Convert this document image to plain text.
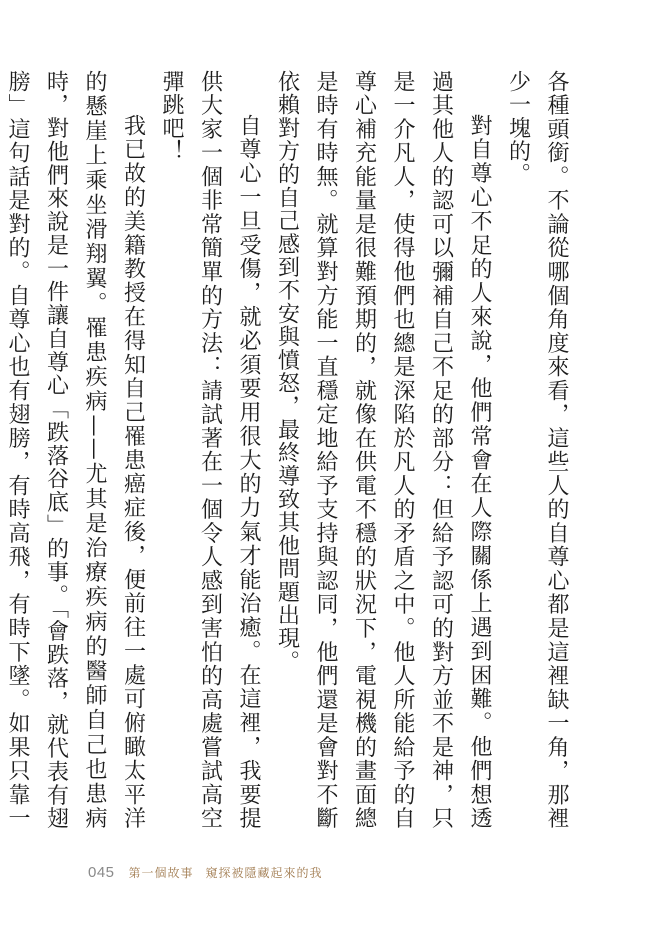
各種頭銜。不論從哪個角度來看，這些人的自尊心都是這裡缺一角，那裡少一塊的。

對自尊心不足的人來說，他們常會在人際關係上遇到困難。他們想透過其他人的認可以彌補自己不足的部分：但給予認可的對方並不是神，只是一介凡人，使得他們也總是深陷於凡人的矛盾之中。他人所能給予的自尊心補充能量是很難預期的，就像在供電不穩的狀況下，電視機的畫面總是時有時無。就算對方能一直穩定地給予支持與認同，他們還是會對不斷依賴對方的自己感到不安與憤怒，最終導致其他問題出現。

自尊心一旦受傷，就必須要用很大的力氣才能治癒。在這裡，我要提供大家一個非常簡單的方法：請試著在一個令人感到害怕的高處嘗試高空彈跳吧！

我已故的美籍教授在得知自己罹患癌症後，便前往一處可俯瞰太平洋的懸崖上乘坐滑翔翼。罹患疾病——尤其是治療疾病的醫師自己也患病時，對他們來說是一件讓自尊心「跌落谷底」的事。「會跌落，就代表有翅膀」這句話是對的。自尊心也有翅膀，有時高飛，有時下墜。如果只靠一

045 第一個故事 窺探被隱藏起來的我
